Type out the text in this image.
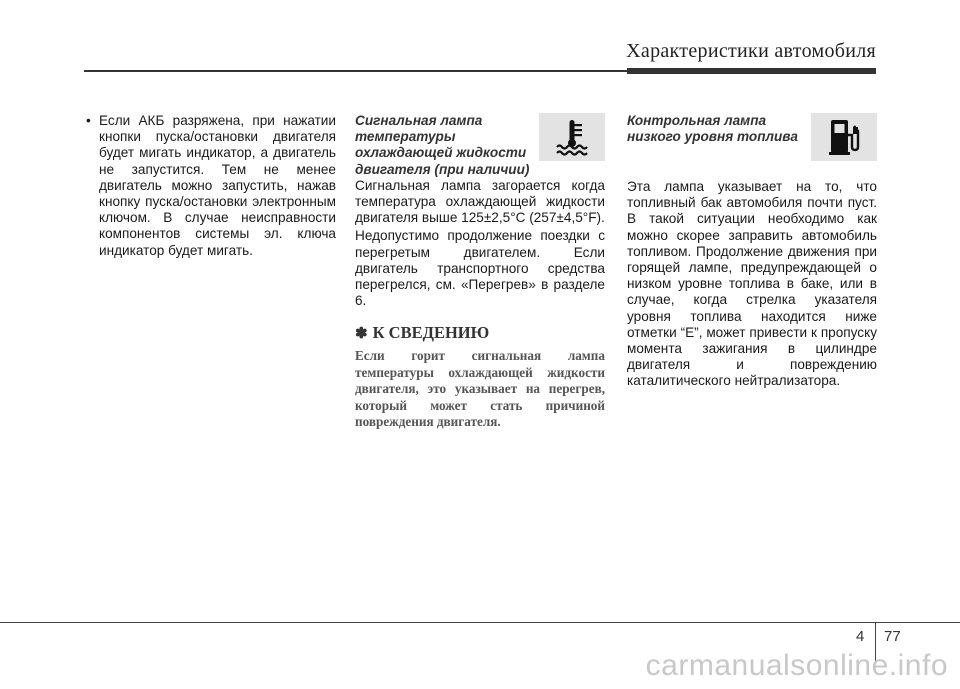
Характеристики автомобиля
• Если АКБ разряжена, при нажатии кнопки пуска/остановки двигателя будет мигать индикатор, а двигатель не запустится. Тем не менее двигатель можно запустить, нажав кнопку пуска/остановки электронным ключом. В случае неисправности компонентов системы эл. ключа индикатор будет мигать.
Сигнальная лампа температуры охлаждающей жидкости двигателя (при наличии)

Сигнальная лампа загорается когда температура охлаждающей жидкости двигателя выше 125±2,5°C (257±4,5°F).

Недопустимо продолжение поездки с перегретым двигателем. Если двигатель транспортного средства перегрелся, см. «Перегрев» в разделе 6.

✽ К СВЕДЕНИЮ
Если горит сигнальная лампа температуры охлаждающей жидкости двигателя, это указывает на перегрев, который может стать причиной повреждения двигателя.
Контрольная лампа низкого уровня топлива

Эта лампа указывает на то, что топливный бак автомобиля почти пуст. В такой ситуации необходимо как можно скорее заправить автомобиль топливом. Продолжение движения при горящей лампе, предупреждающей о низком уровне топлива в баке, или в случае, когда стрелка указателя уровня топлива находится ниже отметки “E”, может привести к пропуску момента зажигания в цилиндре двигателя и повреждению каталитического нейтрализатора.

4 77
carmanualsonline.info
